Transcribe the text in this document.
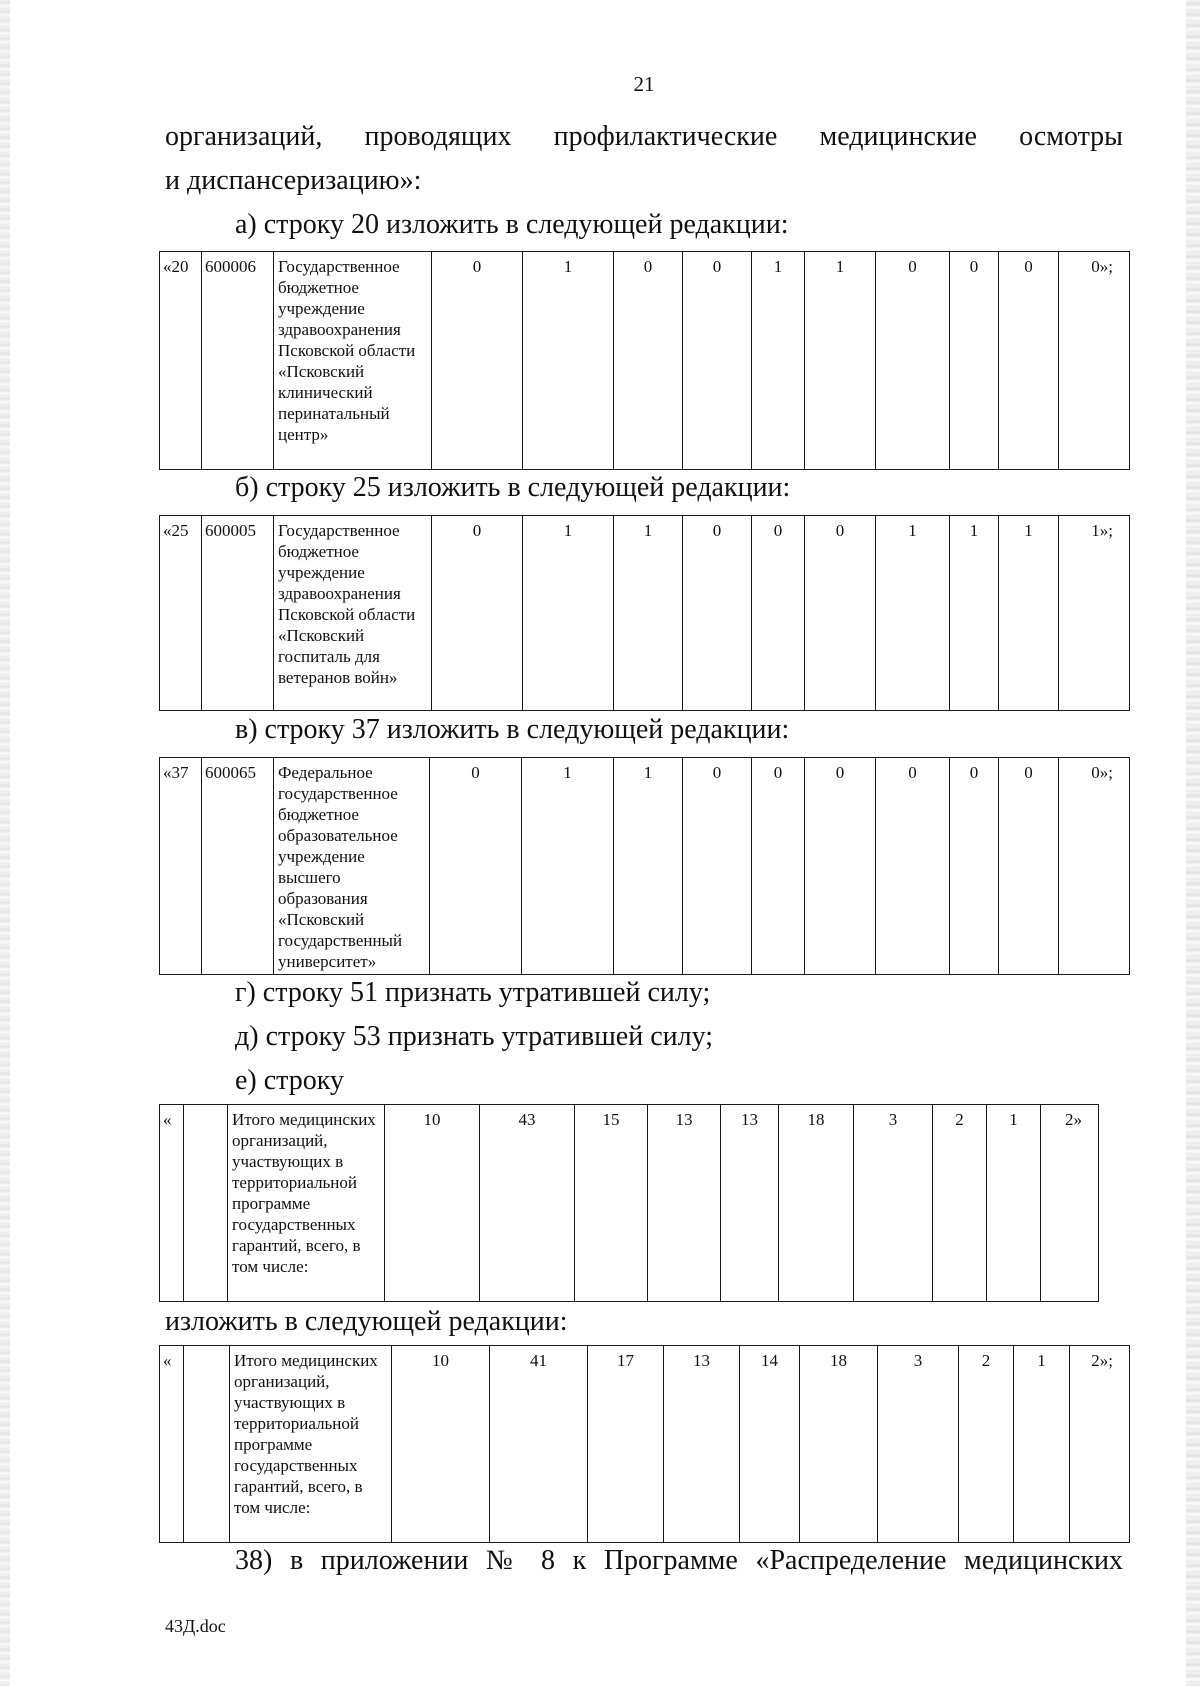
21
организаций, проводящих профилактические медицинские осмотры
и диспансеризацию»:
а) строку 20 изложить в следующей редакции:
«20	600006	Государственное бюджетное учреждение здравоохранения Псковской области «Псковский клинический перинатальный центр»	0	1	0	0	1	1	0	0	0	0»;
б) строку 25 изложить в следующей редакции:
«25	600005	Государственное бюджетное учреждение здравоохранения Псковской области «Псковский госпиталь для ветеранов войн»	0	1	1	0	0	0	1	1	1	1»;
в) строку 37 изложить в следующей редакции:
«37	600065	Федеральное государственное бюджетное образовательное учреждение высшего образования «Псковский государственный университет»	0	1	1	0	0	0	0	0	0	0»;
г) строку 51 признать утратившей силу;
д) строку 53 признать утратившей силу;
е) строку
«		Итого медицинских организаций, участвующих в территориальной программе государственных гарантий, всего, в том числе:	10	43	15	13	13	18	3	2	1	2»
изложить в следующей редакции:
«		Итого медицинских организаций, участвующих в территориальной программе государственных гарантий, всего, в том числе:	10	41	17	13	14	18	3	2	1	2»;
38) в приложении № 8 к Программе «Распределение медицинских
43Д.doc
